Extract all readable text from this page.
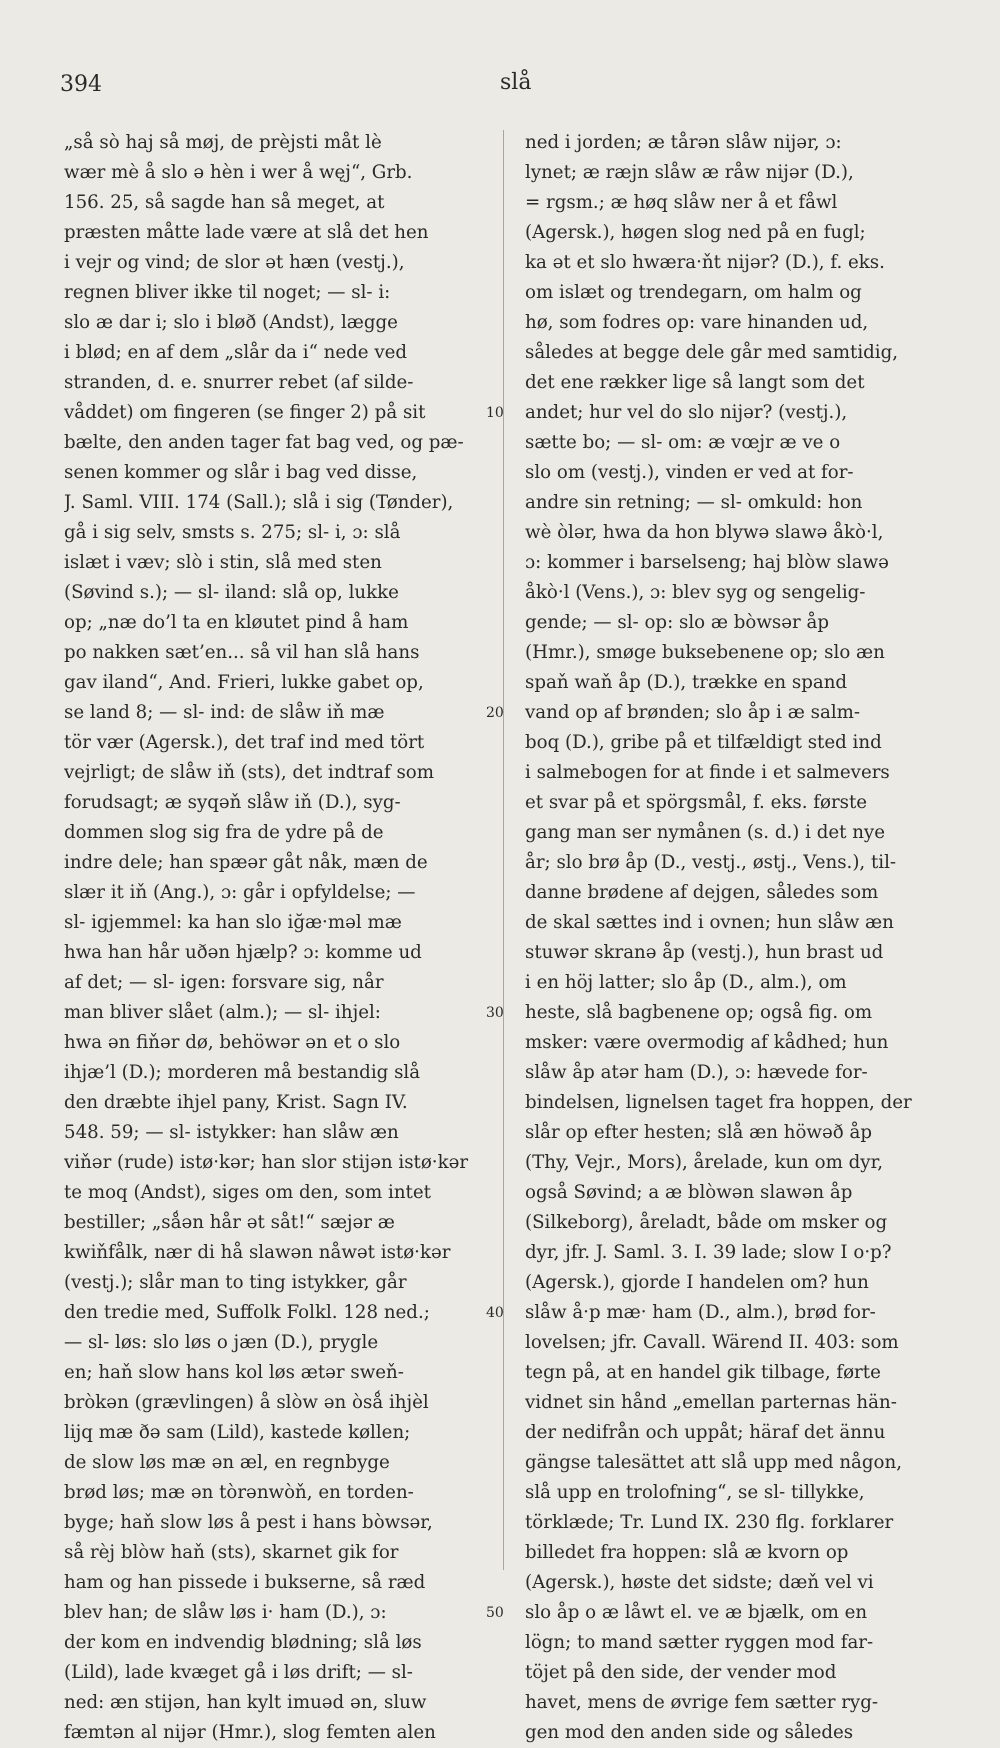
394	slå
„så sò haj så møj, de prèjsti måt lè
wær mè å slo ə hèn i wer å węj“, Grb.
156. 25, så sagde han så meget, at
præsten måtte lade være at slå det hen
i vejr og vind; de slor ət hæn (vestj.),
regnen bliver ikke til noget; — sl- i:
slo æ dar i; slo i bløð (Andst), lægge
i blød; en af dem „slår da i“ nede ved
stranden, d. e. snurrer rebet (af silde-
våddet) om fingeren (se finger 2) på sit
bælte, den anden tager fat bag ved, og pæ-
senen kommer og slår i bag ved disse,
J. Saml. VIII. 174 (Sall.); slå i sig (Tønder),
gå i sig selv, smsts s. 275; sl- i, ɔ: slå
islæt i væv; slò i stin, slå med sten
(Søvind s.); — sl- iland: slå op, lukke
op; „næ do’l ta en kløutet pind å ham
po nakken sæt’en... så vil han slå hans
gav iland“, And. Frieri, lukke gabet op,
se land 8; — sl- ind: de slåw iň mæ
tör vær (Agersk.), det traf ind med tört
vejrligt; de slåw iň (sts), det indtraf som
forudsagt; æ syqəň slåw iň (D.), syg-
dommen slog sig fra de ydre på de
indre dele; han spæər gåt nåk, mæn de
slær it iň (Ang.), ɔ: går i opfyldelse; —
sl- igjemmel: ka han slo iğæ·məl mæ
hwa han hår uðən hjælp? ɔ: komme ud
af det; — sl- igen: forsvare sig, når
man bliver slået (alm.); — sl- ihjel:
hwa ən fiňər dø, behöwər ən et o slo
ihjæ’l (D.); morderen må bestandig slå
den dræbte ihjel pany, Krist. Sagn IV.
548. 59; — sl- istykker: han slåw æn
viňər (rude) istø·kər; han slor stijən istø·kər
te moq (Andst), siges om den, som intet
bestiller; „sǻən hår ət såt!“ sæjər æ
kwiňfålk, nær di hå slawən nåwət istø·kər
(vestj.); slår man to ting istykker, går
den tredie med, Suffolk Folkl. 128 ned.;
— sl- løs: slo løs o jæn (D.), prygle
en; haň slow hans kol løs ætər sweň-
bròkən (grævlingen) å slòw ən òsǻ ihjèl
lijq mæ ðə sam (Lild), kastede køllen;
de slow løs mæ ən æl, en regnbyge
brød løs; mæ ən tòrənwòň, en torden-
byge; haň slow løs å pest i hans bòwsər,
så rèj blòw haň (sts), skarnet gik for
ham og han pissede i bukserne, så ræd
blev han; de slåw løs i· ham (D.), ɔ:
der kom en indvendig blødning; slå løs
(Lild), lade kvæget gå i løs drift; — sl-
ned: æn stijən, han kylt imuəd ən, sluw
fæmtən al nijər (Hmr.), slog femten alen
ned i jorden; æ tårən slåw nijər, ɔ:
lynet; æ ræjn slåw æ råw nijər (D.),
= rgsm.; æ høq slåw ner å et fåwl
(Agersk.), høgen slog ned på en fugl;
ka ət et slo hwæra·ňt nijər? (D.), f. eks.
om islæt og trendegarn, om halm og
hø, som fodres op: vare hinanden ud,
således at begge dele går med samtidig,
det ene rækker lige så langt som det
andet; hur vel do slo nijər? (vestj.),
sætte bo; — sl- om: æ vœjr æ ve o
slo om (vestj.), vinden er ved at for-
andre sin retning; — sl- omkuld: hon
wè òlər, hwa da hon blywə slawə åkò·l,
ɔ: kommer i barselseng; haj blòw slawə
åkò·l (Vens.), ɔ: blev syg og sengelig-
gende; — sl- op: slo æ bòwsər åp
(Hmr.), smøge buksebenene op; slo æn
spaň waň åp (D.), trække en spand
vand op af brønden; slo åp i æ salm-
boq (D.), gribe på et tilfældigt sted ind
i salmebogen for at finde i et salmevers
et svar på et spörgsmål, f. eks. første
gang man ser nymånen (s. d.) i det nye
år; slo brø åp (D., vestj., østj., Vens.), til-
danne brødene af dejgen, således som
de skal sættes ind i ovnen; hun slåw æn
stuwər skranə åp (vestj.), hun brast ud
i en höj latter; slo åp (D., alm.), om
heste, slå bagbenene op; også fig. om
msker: være overmodig af kådhed; hun
slåw åp atər ham (D.), ɔ: hævede for-
bindelsen, lignelsen taget fra hoppen, der
slår op efter hesten; slå æn höwəð åp
(Thy, Vejr., Mors), årelade, kun om dyr,
også Søvind; a æ blòwən slawən åp
(Silkeborg), åreladt, både om msker og
dyr, jfr. J. Saml. 3. I. 39 lade; slow I o·p?
(Agersk.), gjorde I handelen om? hun
slåw å·p mæ· ham (D., alm.), brød for-
lovelsen; jfr. Cavall. Wärend II. 403: som
tegn på, at en handel gik tilbage, førte
vidnet sin hånd „emellan parternas hän-
der nedifrån och uppåt; häraf det ännu
gängse talesättet att slå upp med någon,
slå upp en trolofning“, se sl- tillykke,
törklæde; Tr. Lund IX. 230 flg. forklarer
billedet fra hoppen: slå æ kvorn op
(Agersk.), høste det sidste; dæň vel vi
slo åp o æ låwt el. ve æ bjælk, om en
lögn; to mand sætter ryggen mod far-
töjet på den side, der vender mod
havet, mens de øvrige fem sætter ryg-
gen mod den anden side og således
10
20
30
40
50
